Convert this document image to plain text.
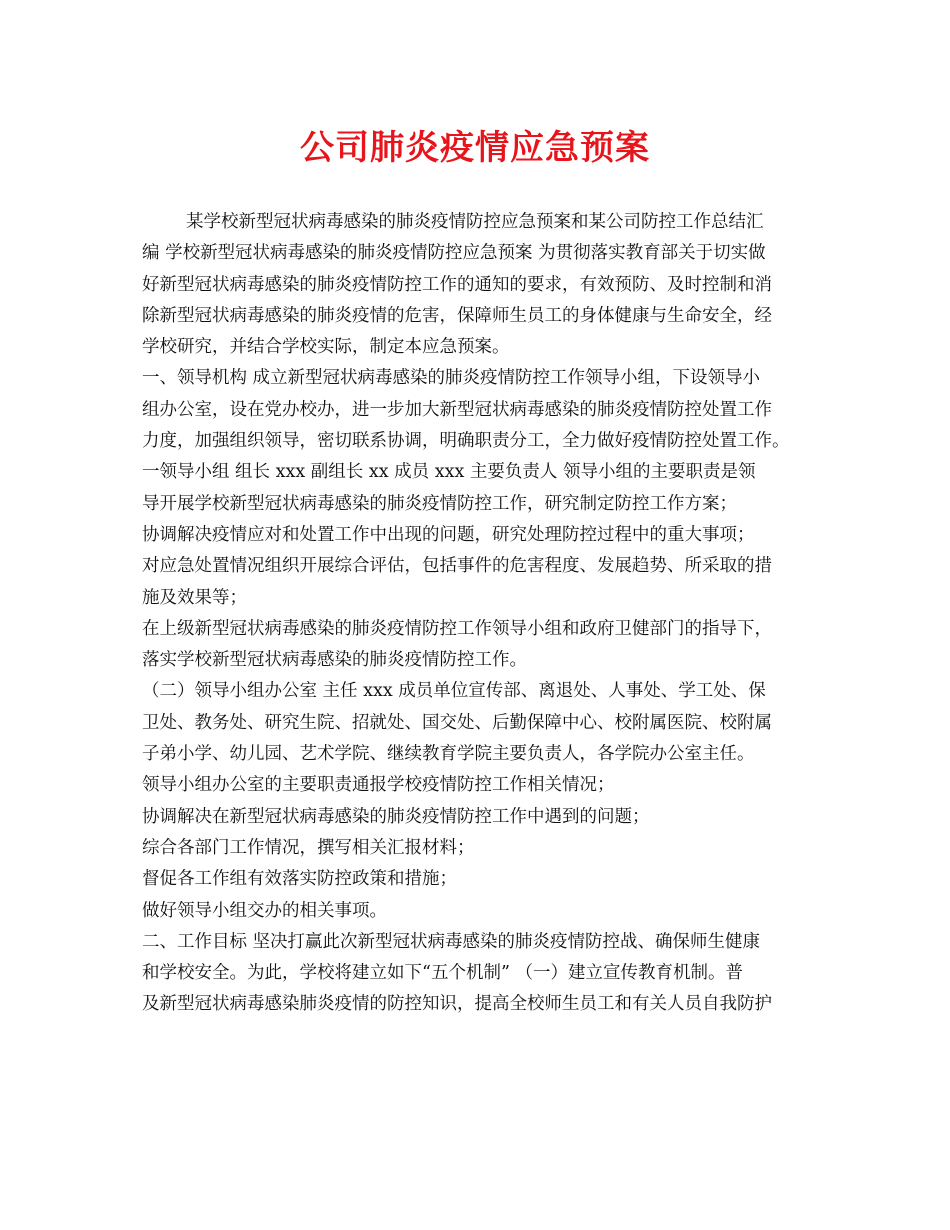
公司肺炎疫情应急预案
某学校新型冠状病毒感染的肺炎疫情防控应急预案和某公司防控工作总结汇
编 学校新型冠状病毒感染的肺炎疫情防控应急预案 为贯彻落实教育部关于切实做
好新型冠状病毒感染的肺炎疫情防控工作的通知的要求，有效预防、及时控制和消
除新型冠状病毒感染的肺炎疫情的危害，保障师生员工的身体健康与生命安全，经
学校研究，并结合学校实际，制定本应急预案。
一、领导机构 成立新型冠状病毒感染的肺炎疫情防控工作领导小组，下设领导小
组办公室，设在党办校办，进一步加大新型冠状病毒感染的肺炎疫情防控处置工作
力度，加强组织领导，密切联系协调，明确职责分工，全力做好疫情防控处置工作。
一领导小组 组长 xxx 副组长 xx 成员 xxx 主要负责人 领导小组的主要职责是领
导开展学校新型冠状病毒感染的肺炎疫情防控工作，研究制定防控工作方案；
协调解决疫情应对和处置工作中出现的问题，研究处理防控过程中的重大事项；
对应急处置情况组织开展综合评估，包括事件的危害程度、发展趋势、所采取的措
施及效果等；
在上级新型冠状病毒感染的肺炎疫情防控工作领导小组和政府卫健部门的指导下，
落实学校新型冠状病毒感染的肺炎疫情防控工作。
（二）领导小组办公室 主任 xxx 成员单位宣传部、离退处、人事处、学工处、保
卫处、教务处、研究生院、招就处、国交处、后勤保障中心、校附属医院、校附属
子弟小学、幼儿园、艺术学院、继续教育学院主要负责人，各学院办公室主任。
领导小组办公室的主要职责通报学校疫情防控工作相关情况；
协调解决在新型冠状病毒感染的肺炎疫情防控工作中遇到的问题；
综合各部门工作情况，撰写相关汇报材料；
督促各工作组有效落实防控政策和措施；
做好领导小组交办的相关事项。
二、工作目标 坚决打赢此次新型冠状病毒感染的肺炎疫情防控战、确保师生健康
和学校安全。为此，学校将建立如下“五个机制” （一）建立宣传教育机制。普
及新型冠状病毒感染肺炎疫情的防控知识，提高全校师生员工和有关人员自我防护
